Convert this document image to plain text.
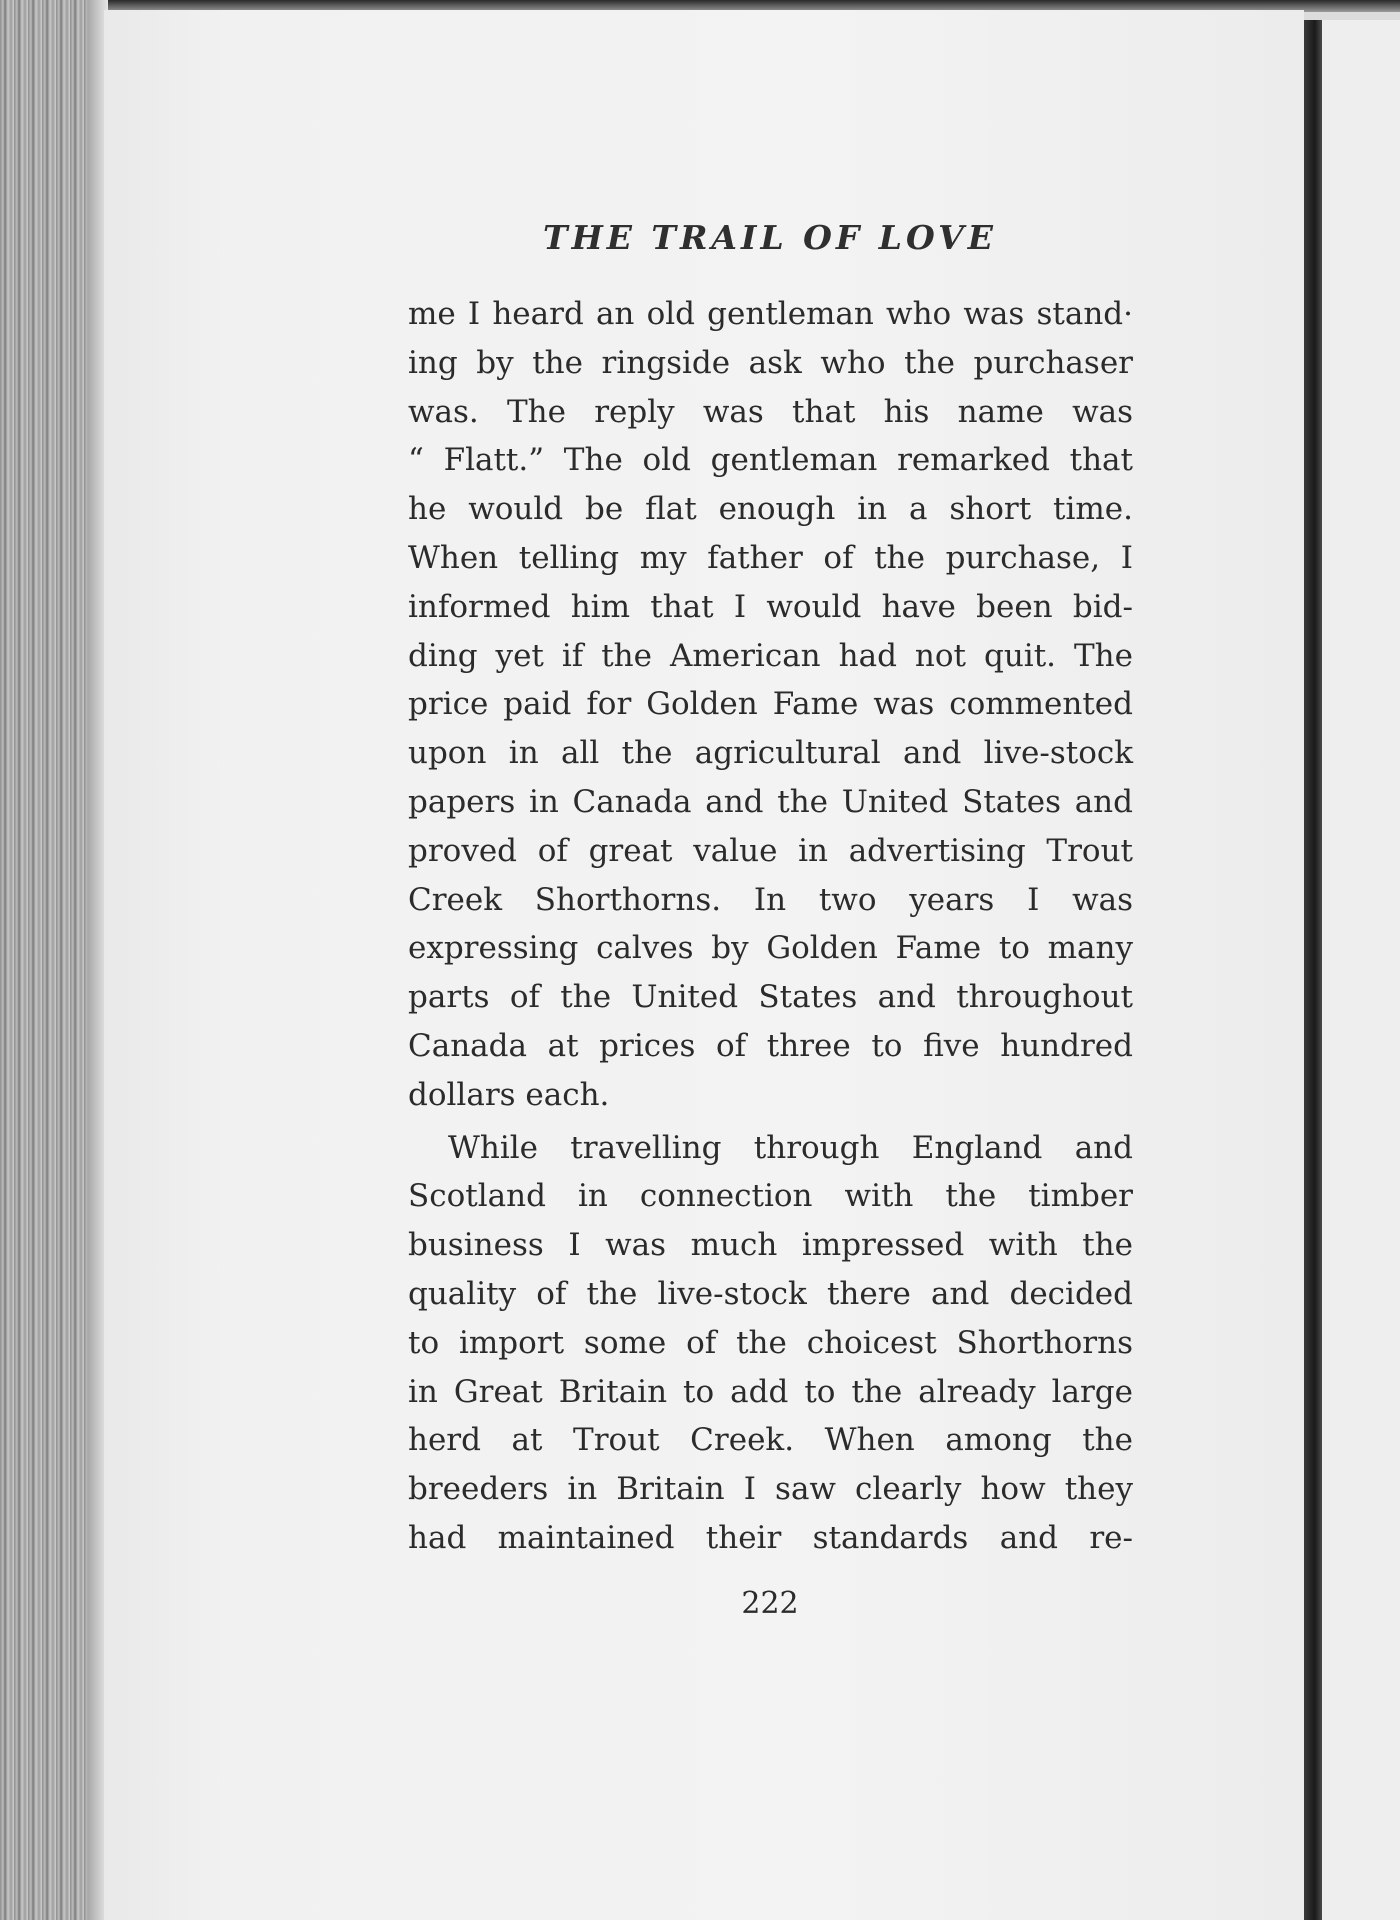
THE TRAIL OF LOVE
me I heard an old gentleman who was stand·
ing by the ringside ask who the purchaser
was. The reply was that his name was
“ Flatt.” The old gentleman remarked that
he would be flat enough in a short time.
When telling my father of the purchase, I
informed him that I would have been bid-
ding yet if the American had not quit. The
price paid for Golden Fame was commented
upon in all the agricultural and live-stock
papers in Canada and the United States and
proved of great value in advertising Trout
Creek Shorthorns. In two years I was
expressing calves by Golden Fame to many
parts of the United States and throughout
Canada at prices of three to five hundred
dollars each.
While travelling through England and
Scotland in connection with the timber
business I was much impressed with the
quality of the live-stock there and decided
to import some of the choicest Shorthorns
in Great Britain to add to the already large
herd at Trout Creek. When among the
breeders in Britain I saw clearly how they
had maintained their standards and re-

222
